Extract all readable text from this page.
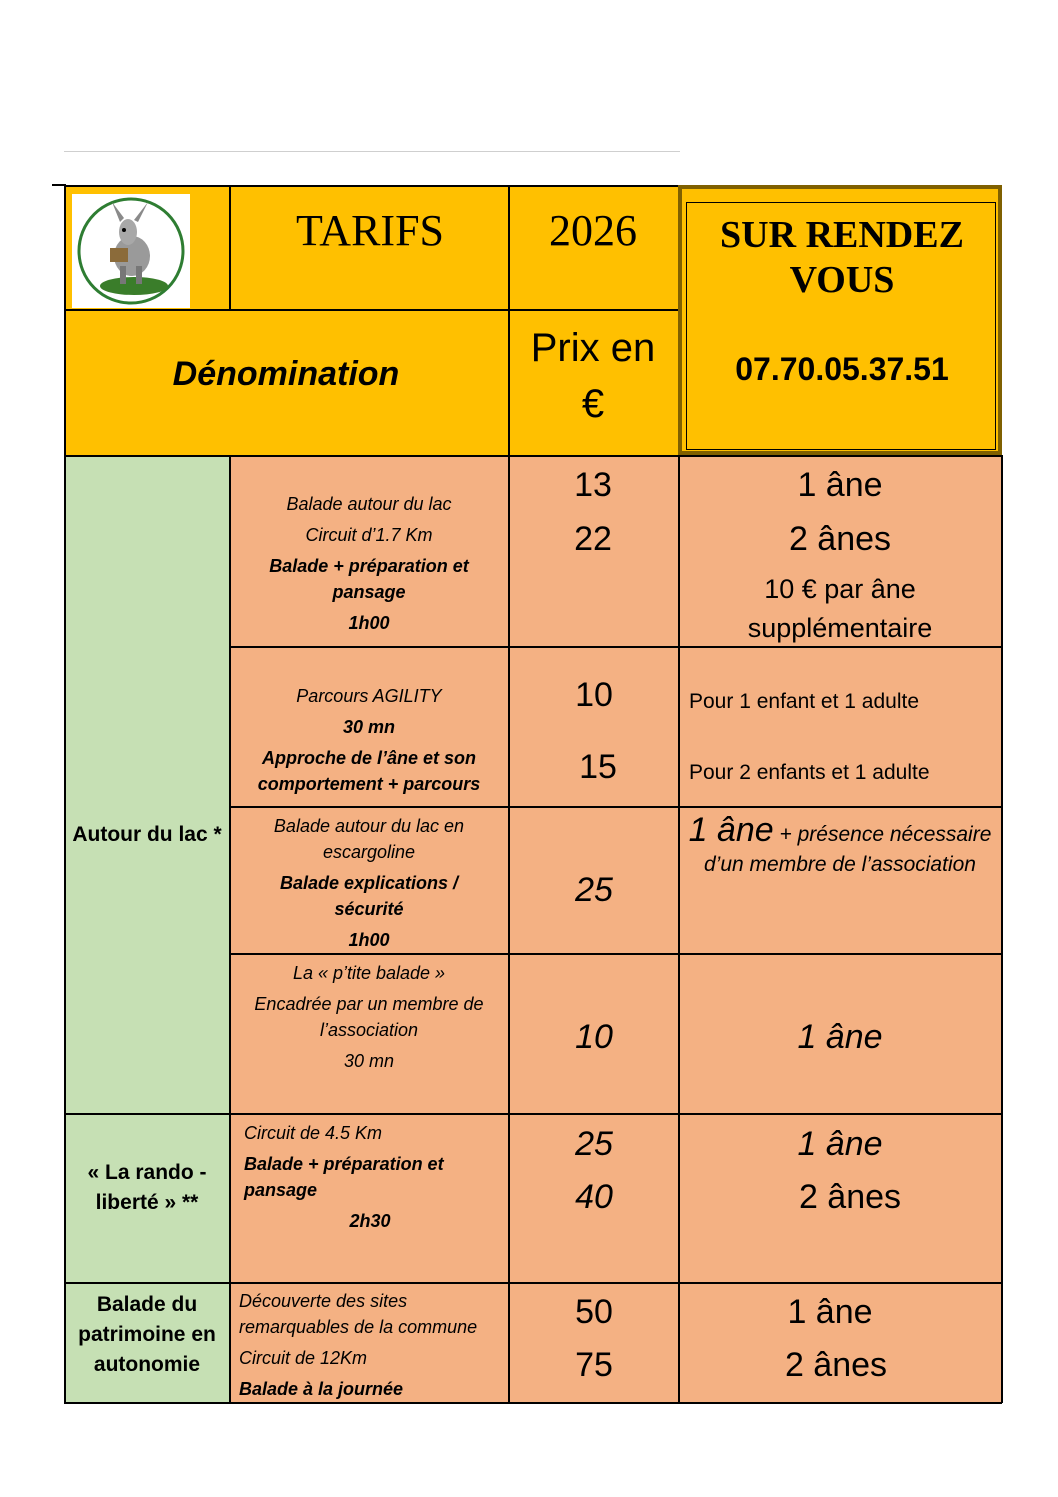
TARIFS	2026
Dénomination
Prix en €
SUR RENDEZ VOUS
07.70.05.37.51
Autour du lac *
« La rando - liberté » **
Balade du patrimoine en autonomie
Balade autour du lac
Circuit d’1.7 Km
Balade + préparation et pansage
1h00
13
22
1 âne
2 ânes
10 € par âne supplémentaire
Parcours AGILITY
30 mn
Approche de l’âne et son comportement + parcours
10
15
Pour 1 enfant et 1 adulte
Pour 2 enfants et 1 adulte
Balade autour du lac en escargoline
Balade explications / sécurité
1h00
25
1 âne + présence nécessaire d’un membre de l’association
La « p’tite balade »
Encadrée par un membre de l’association
30 mn
10	1 âne
Circuit de 4.5 Km
Balade + préparation et pansage
2h30
25
40
1 âne
2 ânes
Découverte des sites remarquables de la commune
Circuit de 12Km
Balade à la journée
50
75
1 âne
2 ânes
